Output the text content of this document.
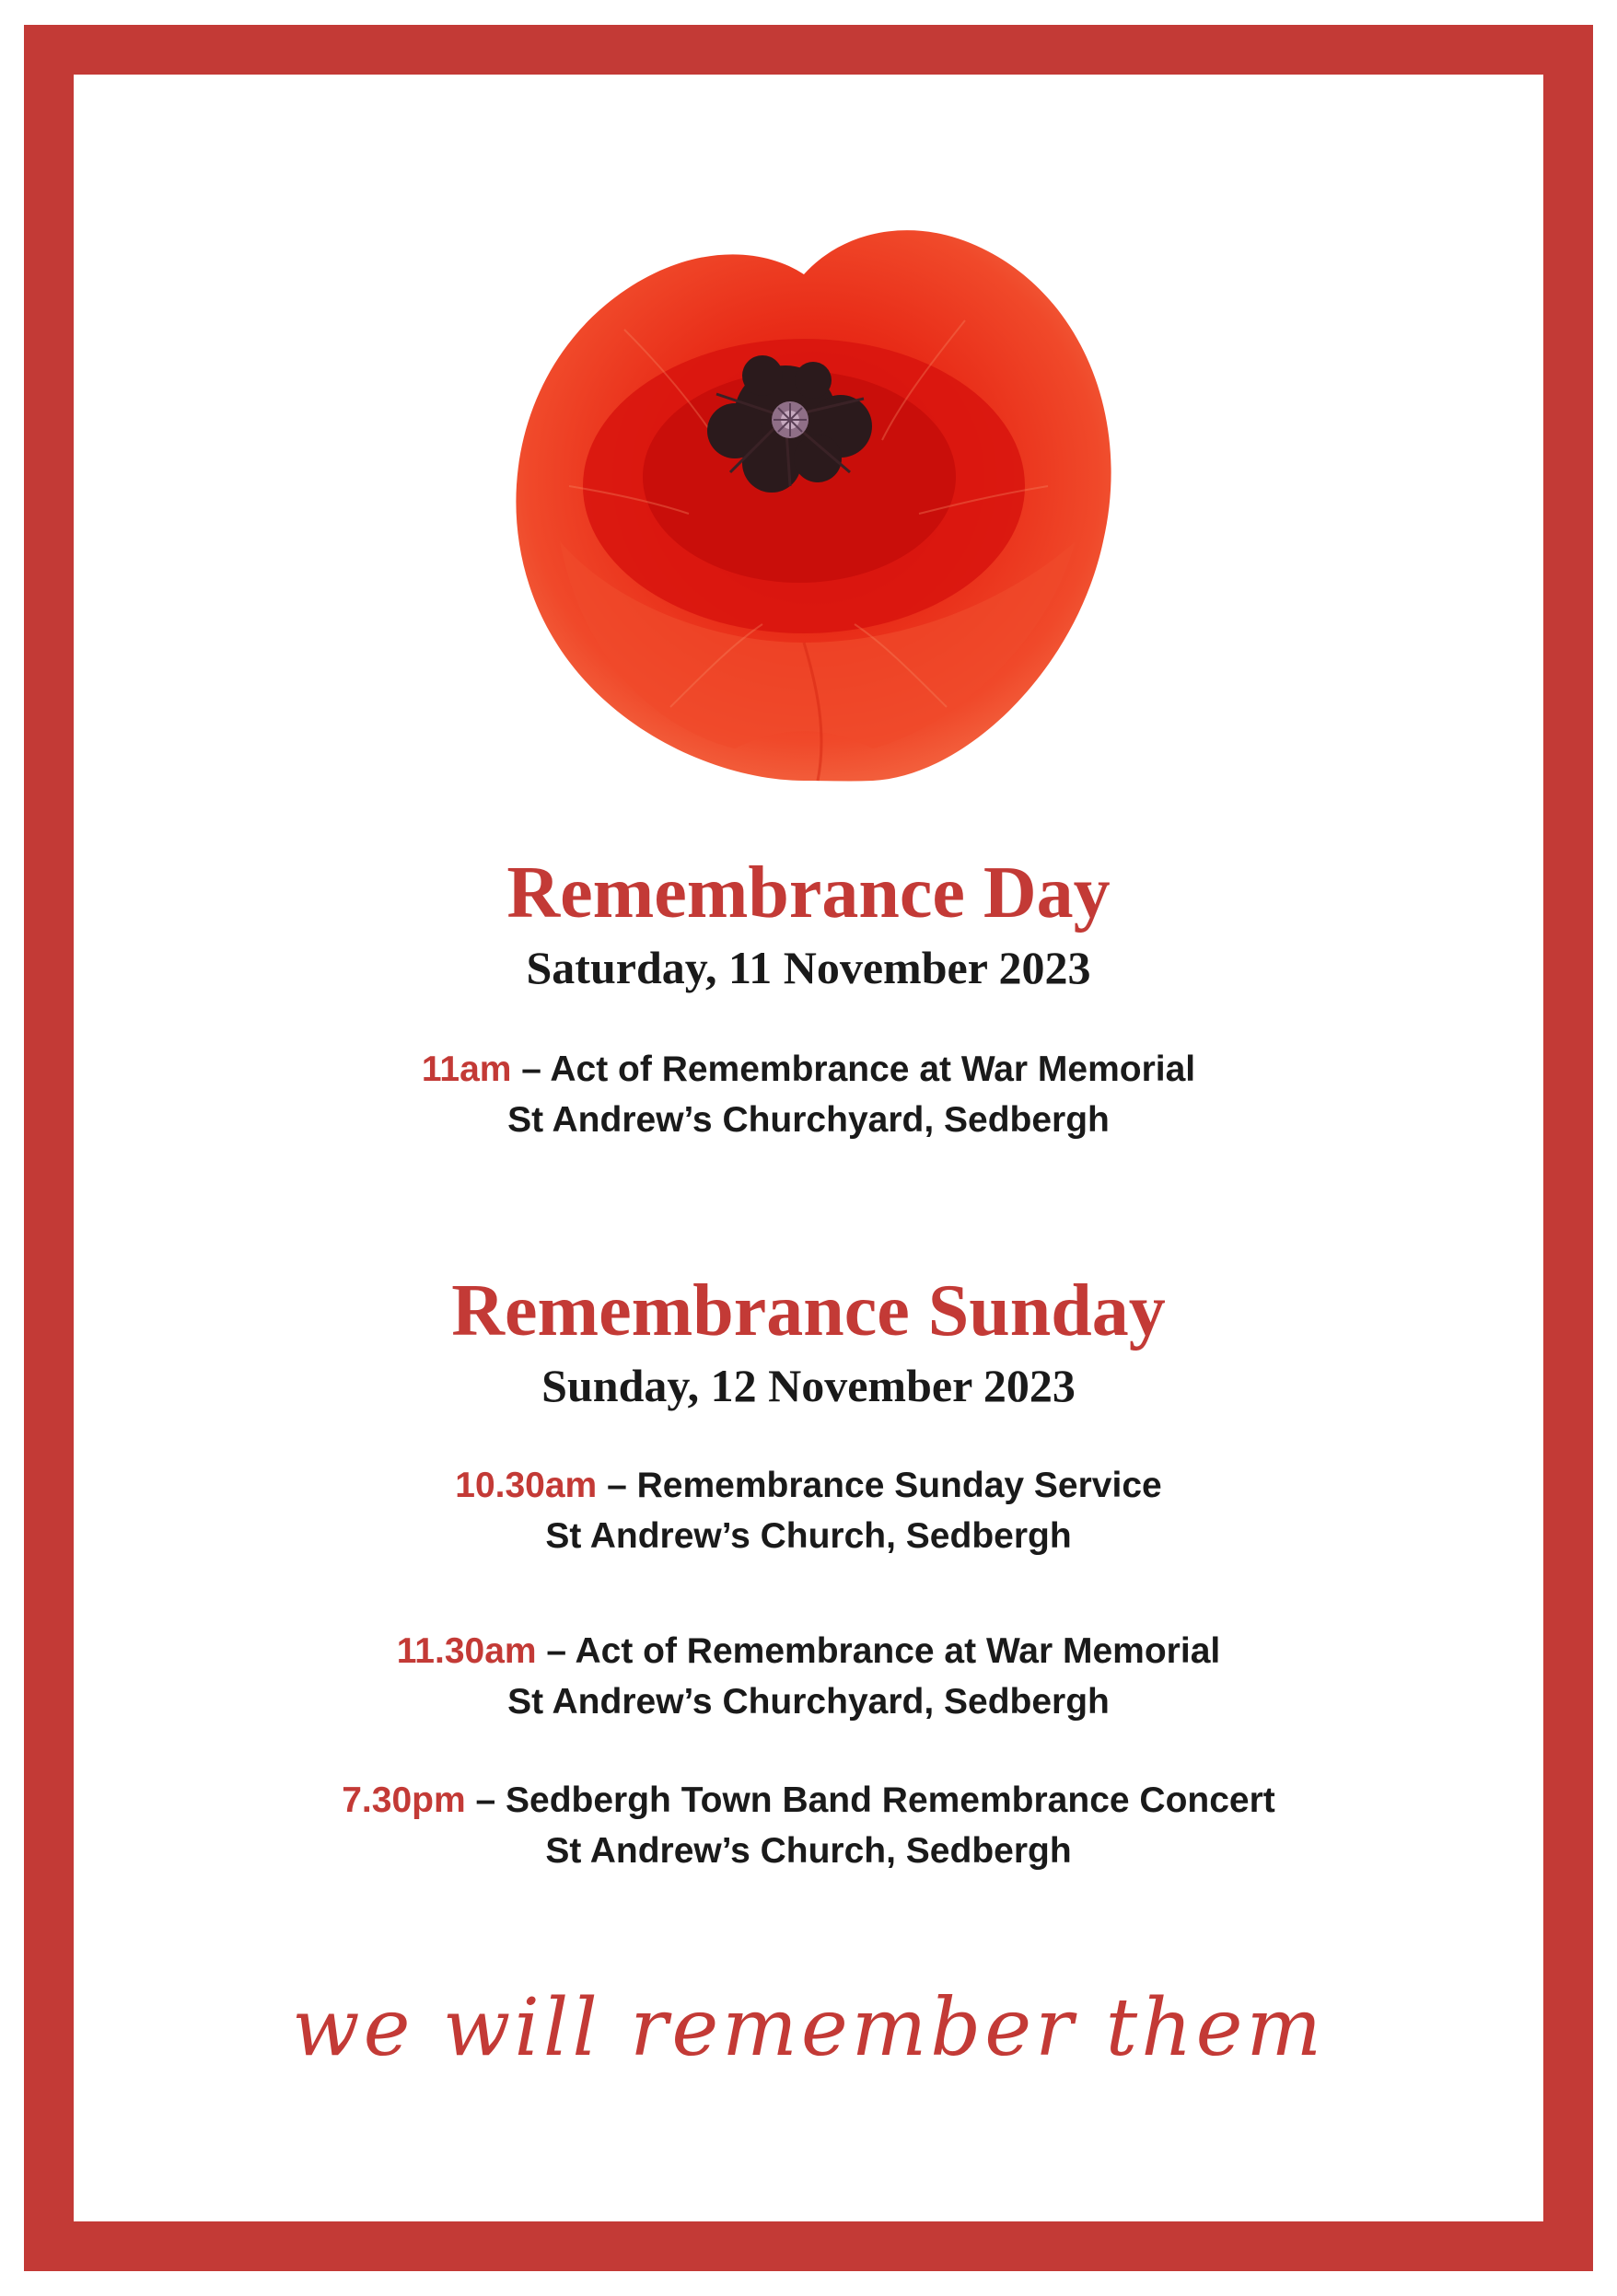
Remembrance Day
Saturday, 11 November 2023
11am – Act of Remembrance at War Memorial
St Andrew’s Churchyard, Sedbergh
Remembrance Sunday
Sunday, 12 November 2023
10.30am – Remembrance Sunday Service
St Andrew’s Church, Sedbergh
11.30am – Act of Remembrance at War Memorial
St Andrew’s Churchyard, Sedbergh
7.30pm – Sedbergh Town Band Remembrance Concert
St Andrew’s Church, Sedbergh
we will remember them
